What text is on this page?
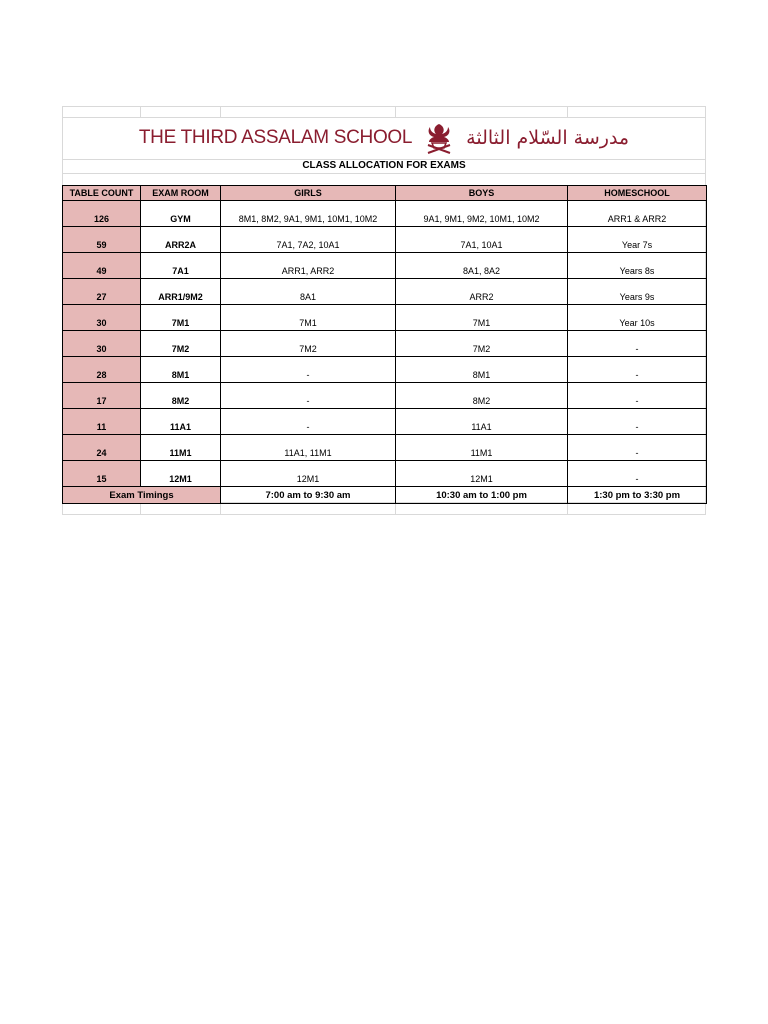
THE THIRD ASSALAM SCHOOL	مدرسة السّلام الثالثة
CLASS ALLOCATION FOR EXAMS
TABLE COUNT	EXAM ROOM	GIRLS	BOYS	HOMESCHOOL
126	GYM	8M1, 8M2, 9A1, 9M1, 10M1, 10M2	9A1, 9M1, 9M2, 10M1, 10M2	ARR1 & ARR2
59	ARR2A	7A1, 7A2, 10A1	7A1, 10A1	Year 7s
49	7A1	ARR1, ARR2	8A1, 8A2	Years 8s
27	ARR1/9M2	8A1	ARR2	Years 9s
30	7M1	7M1	7M1	Year 10s
30	7M2	7M2	7M2	-
28	8M1	-	8M1	-
17	8M2	-	8M2	-
11	11A1	-	11A1	-
24	11M1	11A1, 11M1	11M1	-
15	12M1	12M1	12M1	-
Exam Timings		7:00 am to 9:30 am	10:30 am to 1:00 pm	1:30 pm to 3:30 pm
